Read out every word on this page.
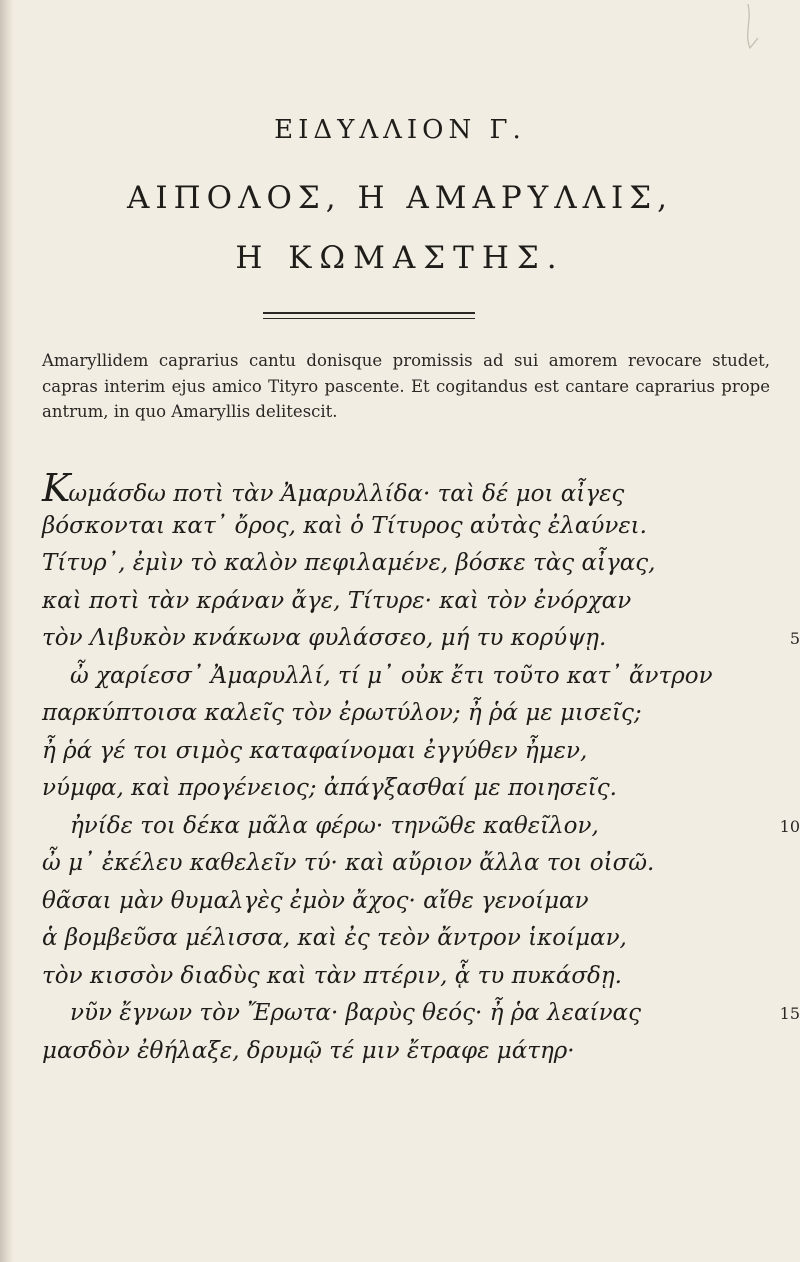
ΕΙΔΥΛΛΙΟΝ Γ.
ΑΙΠΟΛΟΣ, Η ΑΜΑΡΥΛΛΙΣ,
Η ΚΩΜΑΣΤΗΣ.
Amaryllidem caprarius cantu donisque promissis ad sui amorem revocare studet, capras interim ejus amico Tityro pascente. Et cogitandus est cantare caprarius prope antrum, in quo Amaryllis delitescit.
Kωμάσδω ποτὶ τὰν Ἀμαρυλλίδα· ταὶ δέ μοι αἶγες
βόσκονται κατ᾽ ὄρος, καὶ ὁ Τίτυρος αὐτὰς ἐλαύνει.
Τίτυρ᾽, ἐμὶν τὸ καλὸν πεφιλαμένε, βόσκε τὰς αἶγας,
καὶ ποτὶ τὰν κράναν ἄγε, Τίτυρε· καὶ τὸν ἐνόρχαν
τὸν Λιβυκὸν κνάκωνα φυλάσσεο, μή τυ κορύψῃ.	5
ὦ χαρίεσσ᾽ Ἀμαρυλλί, τί μ᾽ οὐκ ἔτι τοῦτο κατ᾽ ἄντρον
παρκύπτοισα καλεῖς τὸν ἐρωτύλον; ἦ ῥά με μισεῖς;
ἦ ῥά γέ τοι σιμὸς καταφαίνομαι ἐγγύθεν ἦμεν,
νύμφα, καὶ προγένειος; ἀπάγξασθαί με ποιησεῖς.
ἠνίδε τοι δέκα μᾶλα φέρω· τηνῶθε καθεῖλον,	10
ὦ μ᾽ ἐκέλευ καθελεῖν τύ· καὶ αὔριον ἄλλα τοι οἰσῶ.
θᾶσαι μὰν θυμαλγὲς ἐμὸν ἄχος· αἴθε γενοίμαν
ἁ βομβεῦσα μέλισσα, καὶ ἐς τεὸν ἄντρον ἱκοίμαν,
τὸν κισσὸν διαδὺς καὶ τὰν πτέριν, ᾇ τυ πυκάσδῃ.
νῦν ἔγνων τὸν Ἔρωτα· βαρὺς θεός· ἦ ῥα λεαίνας	15
μασδὸν ἐθήλαξε, δρυμῷ τέ μιν ἔτραφε μάτηρ·
